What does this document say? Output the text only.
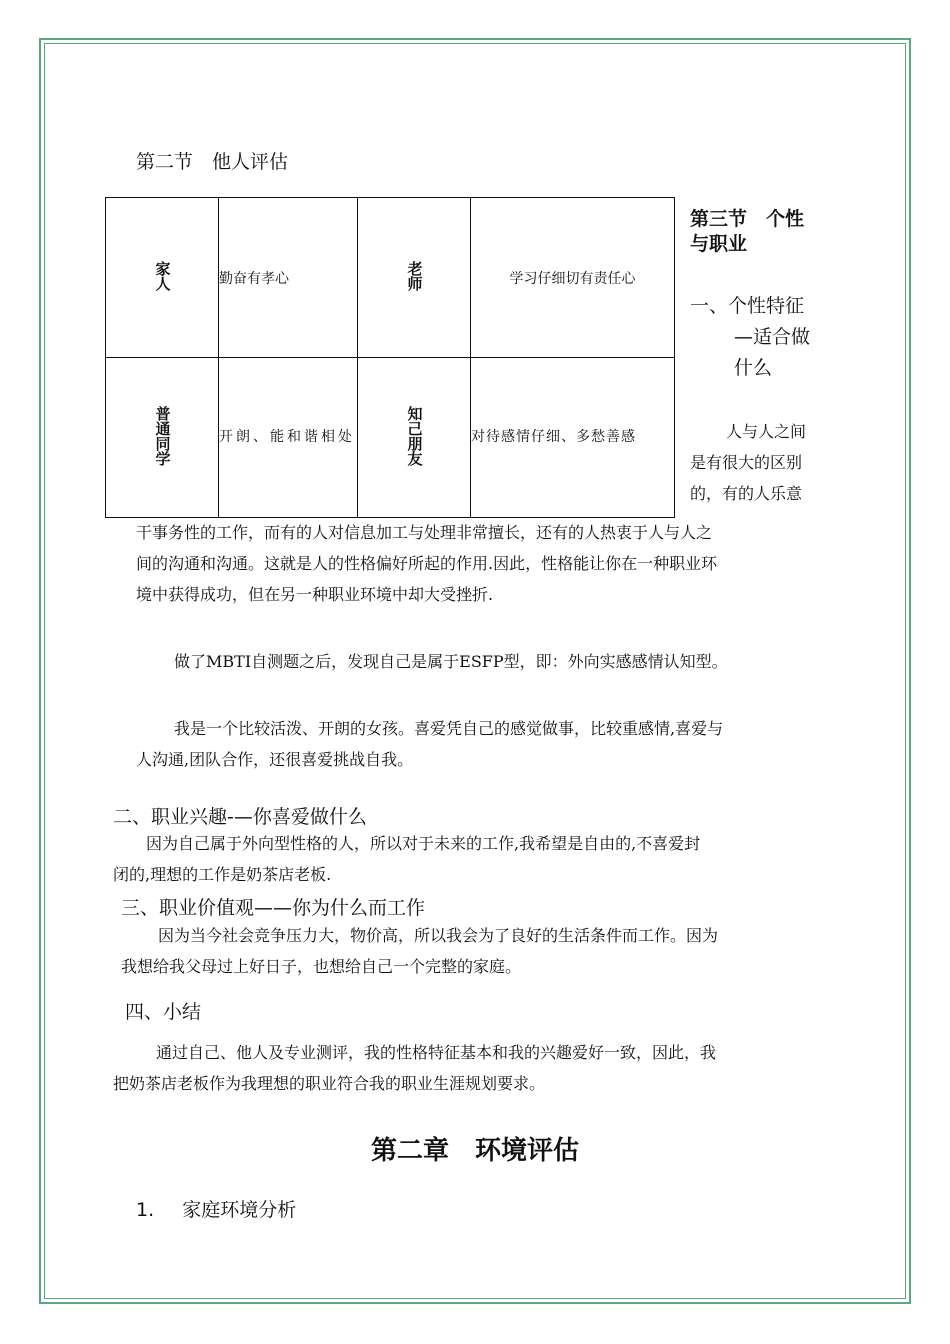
第二节　他人评估
家人	勤奋有孝心	老师	学习仔细切有责任心
普通同学	开朗、能和谐相处	知己朋友	对待感情仔细、多愁善感
第三节　个性
与职业
一、个性特征
—适合做
什么
人与人之间
是有很大的区别
的，有的人乐意
干事务性的工作，而有的人对信息加工与处理非常擅长，还有的人热衷于人与人之
间的沟通和沟通。这就是人的性格偏好所起的作用.因此，性格能让你在一种职业环
境中获得成功，但在另一种职业环境中却大受挫折.
做了MBTI自测题之后，发现自己是属于ESFP型，即：外向实感感情认知型。
我是一个比较活泼、开朗的女孩。喜爱凭自己的感觉做事，比较重感情,喜爱与
人沟通,团队合作，还很喜爱挑战自我。
二、职业兴趣-—你喜爱做什么
因为自己属于外向型性格的人，所以对于未来的工作,我希望是自由的,不喜爱封
闭的,理想的工作是奶茶店老板.
三、职业价值观——你为什么而工作
因为当今社会竞争压力大，物价高，所以我会为了良好的生活条件而工作。因为
我想给我父母过上好日子，也想给自己一个完整的家庭。
四、小结
通过自己、他人及专业测评，我的性格特征基本和我的兴趣爱好一致，因此，我
把奶茶店老板作为我理想的职业符合我的职业生涯规划要求。
第二章　环境评估
1. 家庭环境分析
